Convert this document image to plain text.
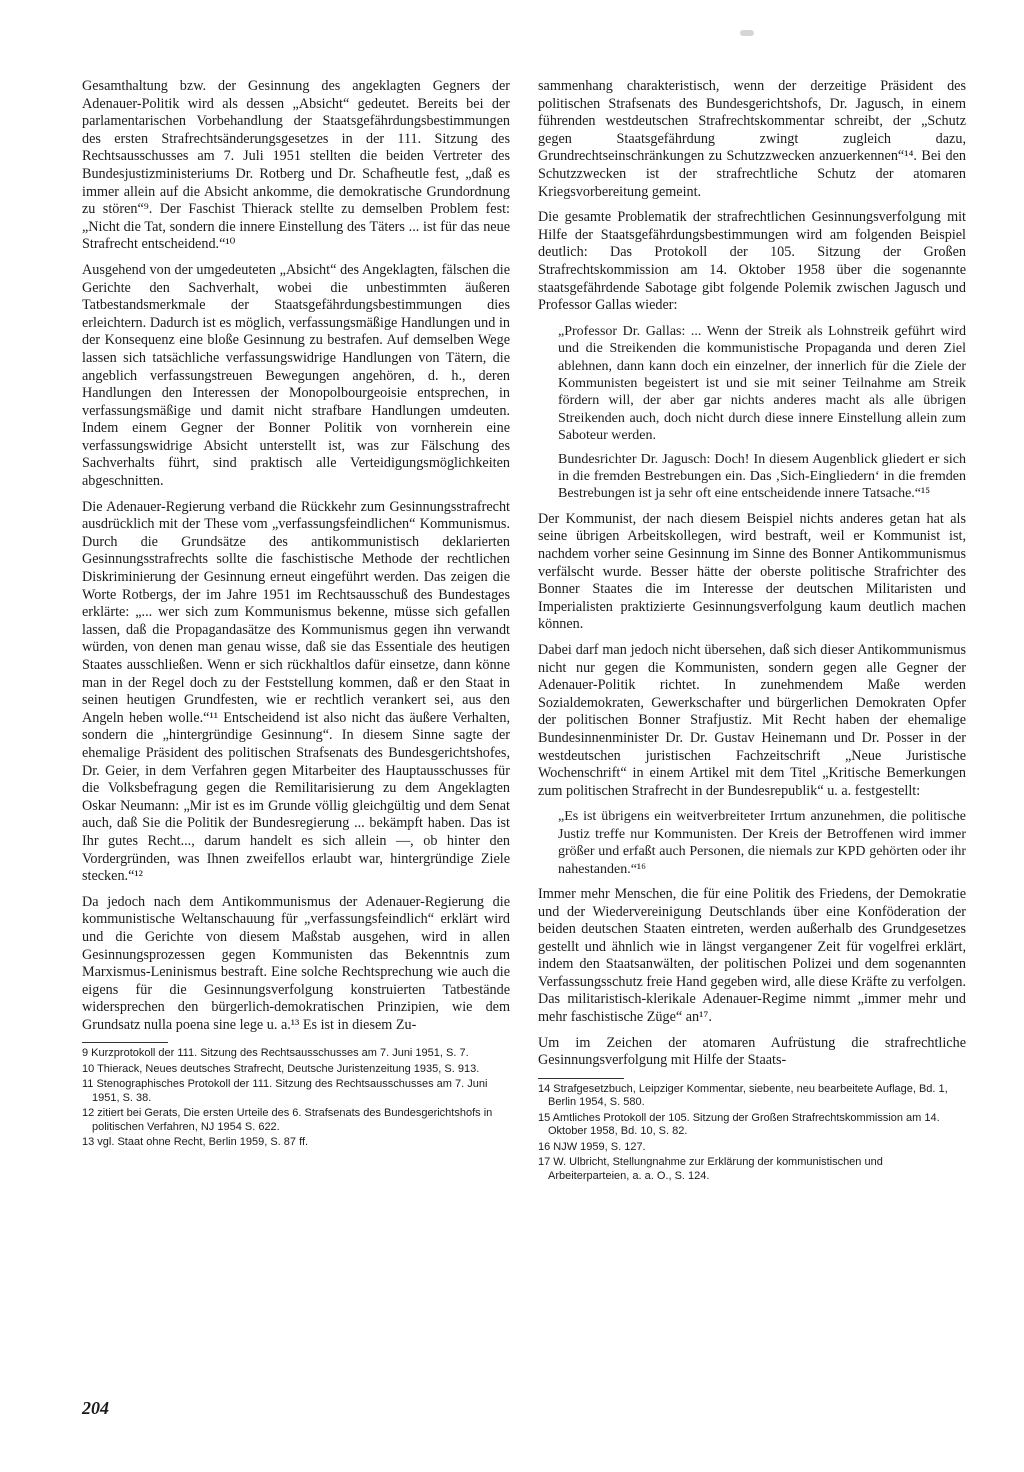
Gesamthaltung bzw. der Gesinnung des angeklagten Gegners der Adenauer-Politik wird als dessen „Absicht“ gedeutet. Bereits bei der parlamentarischen Vorbehandlung der Staatsgefährdungsbestimmungen des ersten Strafrechtsänderungsgesetzes in der 111. Sitzung des Rechtsausschusses am 7. Juli 1951 stellten die beiden Vertreter des Bundesjustizministeriums Dr. Rotberg und Dr. Schafheutle fest, „daß es immer allein auf die Absicht ankomme, die demokratische Grundordnung zu stören“⁹. Der Faschist Thierack stellte zu demselben Problem fest: „Nicht die Tat, sondern die innere Einstellung des Täters ... ist für das neue Strafrecht entscheidend.“¹⁰

Ausgehend von der umgedeuteten „Absicht“ des Angeklagten, fälschen die Gerichte den Sachverhalt, wobei die unbestimmten äußeren Tatbestandsmerkmale der Staatsgefährdungsbestimmungen dies erleichtern. Dadurch ist es möglich, verfassungsmäßige Handlungen und in der Konsequenz eine bloße Gesinnung zu bestrafen. Auf demselben Wege lassen sich tatsächliche verfassungswidrige Handlungen von Tätern, die angeblich verfassungstreuen Bewegungen angehören, d. h., deren Handlungen den Interessen der Monopolbourgeoisie entsprechen, in verfassungsmäßige und damit nicht strafbare Handlungen umdeuten. Indem einem Gegner der Bonner Politik von vornherein eine verfassungswidrige Absicht unterstellt ist, was zur Fälschung des Sachverhalts führt, sind praktisch alle Verteidigungsmöglichkeiten abgeschnitten.

Die Adenauer-Regierung verband die Rückkehr zum Gesinnungsstrafrecht ausdrücklich mit der These vom „verfassungsfeindlichen“ Kommunismus. Durch die Grundsätze des antikommunistisch deklarierten Gesinnungsstrafrechts sollte die faschistische Methode der rechtlichen Diskriminierung der Gesinnung erneut eingeführt werden. Das zeigen die Worte Rotbergs, der im Jahre 1951 im Rechtsausschuß des Bundestages erklärte: „... wer sich zum Kommunismus bekenne, müsse sich gefallen lassen, daß die Propagandasätze des Kommunismus gegen ihn verwandt würden, von denen man genau wisse, daß sie das Essentiale des heutigen Staates ausschließen. Wenn er sich rückhaltlos dafür einsetze, dann könne man in der Regel doch zu der Feststellung kommen, daß er den Staat in seinen heutigen Grundfesten, wie er rechtlich verankert sei, aus den Angeln heben wolle.“¹¹ Entscheidend ist also nicht das äußere Verhalten, sondern die „hintergründige Gesinnung“. In diesem Sinne sagte der ehemalige Präsident des politischen Strafsenats des Bundesgerichtshofes, Dr. Geier, in dem Verfahren gegen Mitarbeiter des Hauptausschusses für die Volksbefragung gegen die Remilitarisierung zu dem Angeklagten Oskar Neumann: „Mir ist es im Grunde völlig gleichgültig und dem Senat auch, daß Sie die Politik der Bundesregierung ... bekämpft haben. Das ist Ihr gutes Recht..., darum handelt es sich allein —, ob hinter den Vordergründen, was Ihnen zweifellos erlaubt war, hintergründige Ziele stecken.“¹²

Da jedoch nach dem Antikommunismus der Adenauer-Regierung die kommunistische Weltanschauung für „verfassungsfeindlich“ erklärt wird und die Gerichte von diesem Maßstab ausgehen, wird in allen Gesinnungsprozessen gegen Kommunisten das Bekenntnis zum Marxismus-Leninismus bestraft. Eine solche Rechtsprechung wie auch die eigens für die Gesinnungsverfolgung konstruierten Tatbestände widersprechen den bürgerlich-demokratischen Prinzipien, wie dem Grundsatz nulla poena sine lege u. a.¹³ Es ist in diesem Zu-

9 Kurzprotokoll der 111. Sitzung des Rechtsausschusses am 7. Juni 1951, S. 7.
10 Thierack, Neues deutsches Strafrecht, Deutsche Juristenzeitung 1935, S. 913.
11 Stenographisches Protokoll der 111. Sitzung des Rechtsausschusses am 7. Juni 1951, S. 38.
12 zitiert bei Gerats, Die ersten Urteile des 6. Strafsenats des Bundesgerichtshofs in politischen Verfahren, NJ 1954 S. 622.
13 vgl. Staat ohne Recht, Berlin 1959, S. 87 ff.

sammenhang charakteristisch, wenn der derzeitige Präsident des politischen Strafsenats des Bundesgerichtshofs, Dr. Jagusch, in einem führenden westdeutschen Strafrechtskommentar schreibt, der „Schutz gegen Staatsgefährdung zwingt zugleich dazu, Grundrechtseinschränkungen zu Schutzzwecken anzuerkennen“¹⁴. Bei den Schutzzwecken ist der strafrechtliche Schutz der atomaren Kriegsvorbereitung gemeint.

Die gesamte Problematik der strafrechtlichen Gesinnungsverfolgung mit Hilfe der Staatsgefährdungsbestimmungen wird am folgenden Beispiel deutlich: Das Protokoll der 105. Sitzung der Großen Strafrechtskommission am 14. Oktober 1958 über die sogenannte staatsgefährdende Sabotage gibt folgende Polemik zwischen Jagusch und Professor Gallas wieder:

„Professor Dr. Gallas: ... Wenn der Streik als Lohnstreik geführt wird und die Streikenden die kommunistische Propaganda und deren Ziel ablehnen, dann kann doch ein einzelner, der innerlich für die Ziele der Kommunisten begeistert ist und sie mit seiner Teilnahme am Streik fördern will, der aber gar nichts anderes macht als alle übrigen Streikenden auch, doch nicht durch diese innere Einstellung allein zum Saboteur werden.

Bundesrichter Dr. Jagusch: Doch! In diesem Augenblick gliedert er sich in die fremden Bestrebungen ein. Das ‚Sich-Eingliedern‘ in die fremden Bestrebungen ist ja sehr oft eine entscheidende innere Tatsache.“¹⁵

Der Kommunist, der nach diesem Beispiel nichts anderes getan hat als seine übrigen Arbeitskollegen, wird bestraft, weil er Kommunist ist, nachdem vorher seine Gesinnung im Sinne des Bonner Antikommunismus verfälscht wurde. Besser hätte der oberste politische Strafrichter des Bonner Staates die im Interesse der deutschen Militaristen und Imperialisten praktizierte Gesinnungsverfolgung kaum deutlich machen können.

Dabei darf man jedoch nicht übersehen, daß sich dieser Antikommunismus nicht nur gegen die Kommunisten, sondern gegen alle Gegner der Adenauer-Politik richtet. In zunehmendem Maße werden Sozialdemokraten, Gewerkschafter und bürgerlichen Demokraten Opfer der politischen Bonner Strafjustiz. Mit Recht haben der ehemalige Bundesinnenminister Dr. Dr. Gustav Heinemann und Dr. Posser in der westdeutschen juristischen Fachzeitschrift „Neue Juristische Wochenschrift“ in einem Artikel mit dem Titel „Kritische Bemerkungen zum politischen Strafrecht in der Bundesrepublik“ u. a. festgestellt:

„Es ist übrigens ein weitverbreiteter Irrtum anzunehmen, die politische Justiz treffe nur Kommunisten. Der Kreis der Betroffenen wird immer größer und erfaßt auch Personen, die niemals zur KPD gehörten oder ihr nahestanden.“¹⁶

Immer mehr Menschen, die für eine Politik des Friedens, der Demokratie und der Wiedervereinigung Deutschlands über eine Konföderation der beiden deutschen Staaten eintreten, werden außerhalb des Grundgesetzes gestellt und ähnlich wie in längst vergangener Zeit für vogelfrei erklärt, indem den Staatsanwälten, der politischen Polizei und dem sogenannten Verfassungsschutz freie Hand gegeben wird, alle diese Kräfte zu verfolgen. Das militaristisch-klerikale Adenauer-Regime nimmt „immer mehr und mehr faschistische Züge“ an¹⁷.

Um im Zeichen der atomaren Aufrüstung die strafrechtliche Gesinnungsverfolgung mit Hilfe der Staats-

14 Strafgesetzbuch, Leipziger Kommentar, siebente, neu bearbeitete Auflage, Bd. 1, Berlin 1954, S. 580.
15 Amtliches Protokoll der 105. Sitzung der Großen Strafrechtskommission am 14. Oktober 1958, Bd. 10, S. 82.
16 NJW 1959, S. 127.
17 W. Ulbricht, Stellungnahme zur Erklärung der kommunistischen und Arbeiterparteien, a. a. O., S. 124.
204
